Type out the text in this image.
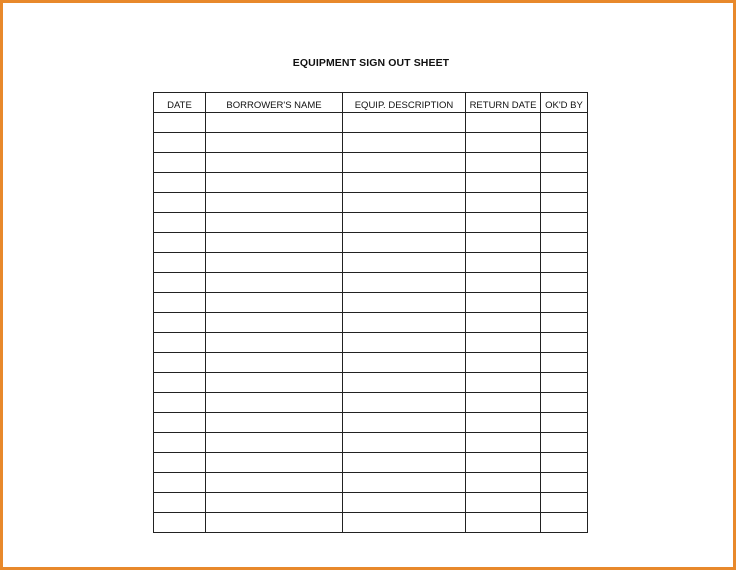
EQUIPMENT SIGN OUT SHEET
DATE	BORROWER'S NAME	EQUIP. DESCRIPTION	RETURN DATE	OK'D BY
